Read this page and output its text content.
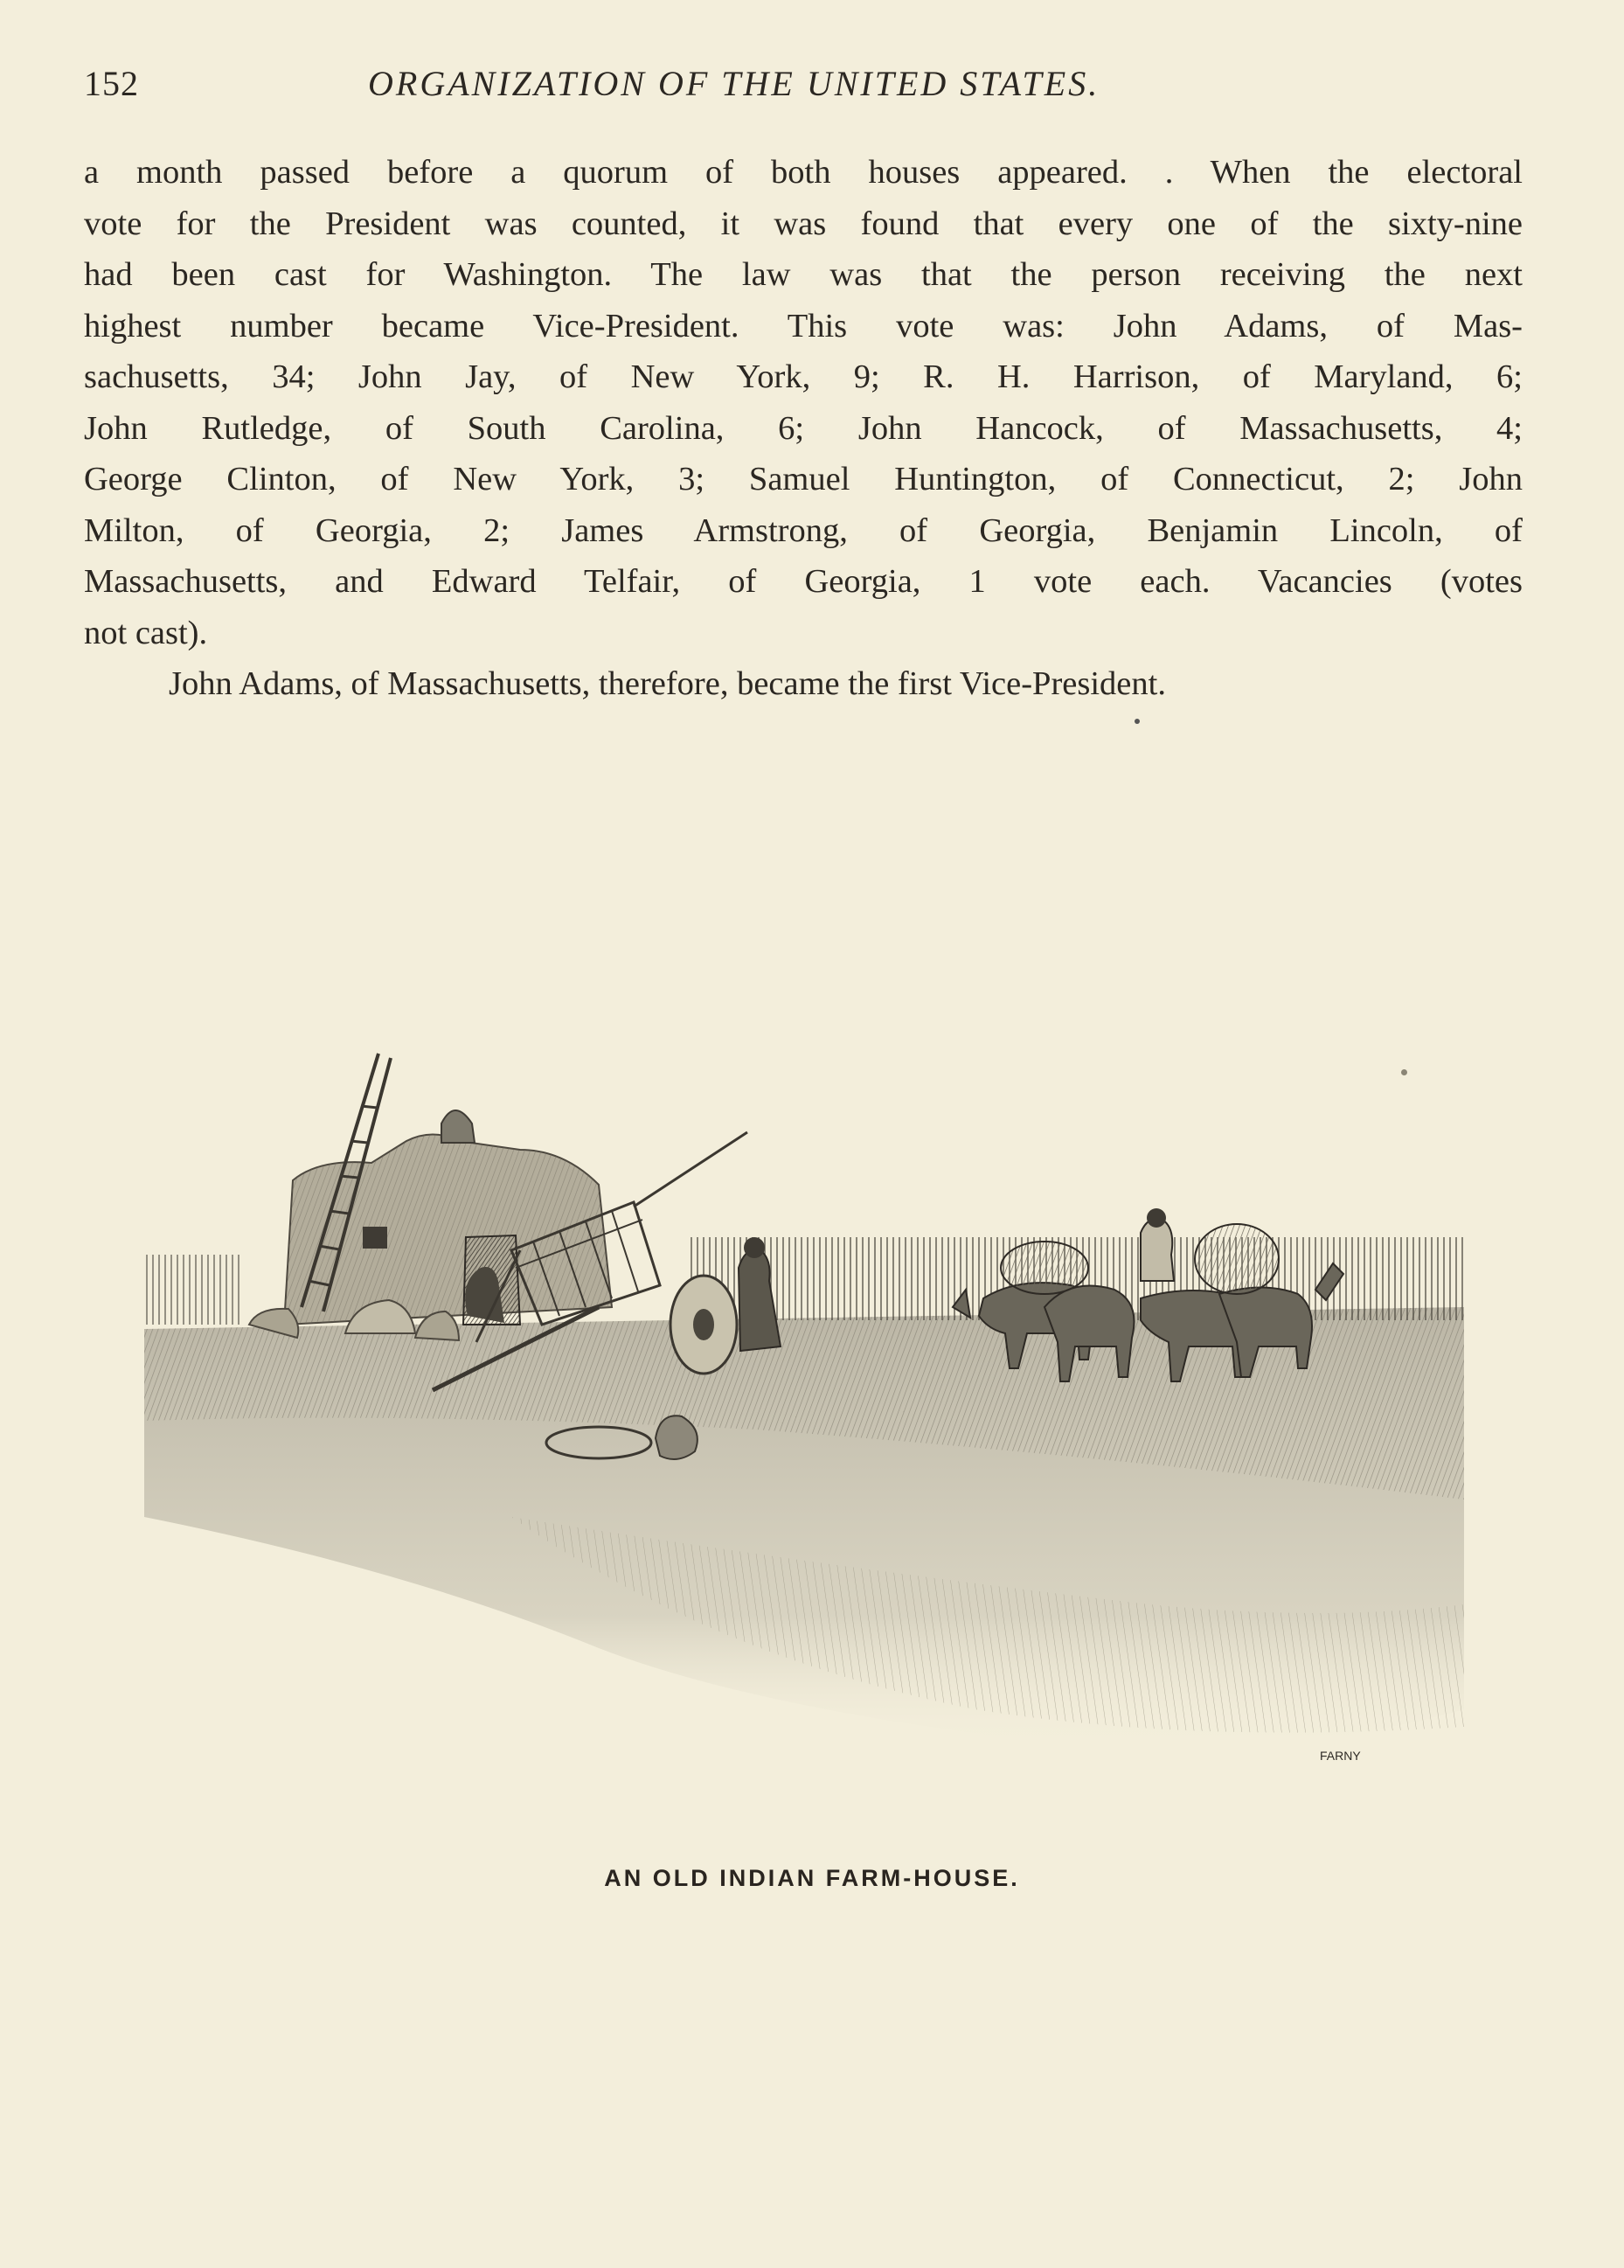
152	ORGANIZATION OF THE UNITED STATES.
a month passed before a quorum of both houses appeared. . When the electoral
vote for the President was counted, it was found that every one of the sixty-nine
had been cast for Washington. The law was that the person receiving the next
highest number became Vice-President. This vote was: John Adams, of Mas-
sachusetts, 34; John Jay, of New York, 9; R. H. Harrison, of Maryland, 6;
John Rutledge, of South Carolina, 6; John Hancock, of Massachusetts, 4;
George Clinton, of New York, 3; Samuel Huntington, of Connecticut, 2; John
Milton, of Georgia, 2; James Armstrong, of Georgia, Benjamin Lincoln, of
Massachusetts, and Edward Telfair, of Georgia, 1 vote each. Vacancies (votes
not cast).
John Adams, of Massachusetts, therefore, became the first Vice-President.
FARNY
AN OLD INDIAN FARM-HOUSE.
